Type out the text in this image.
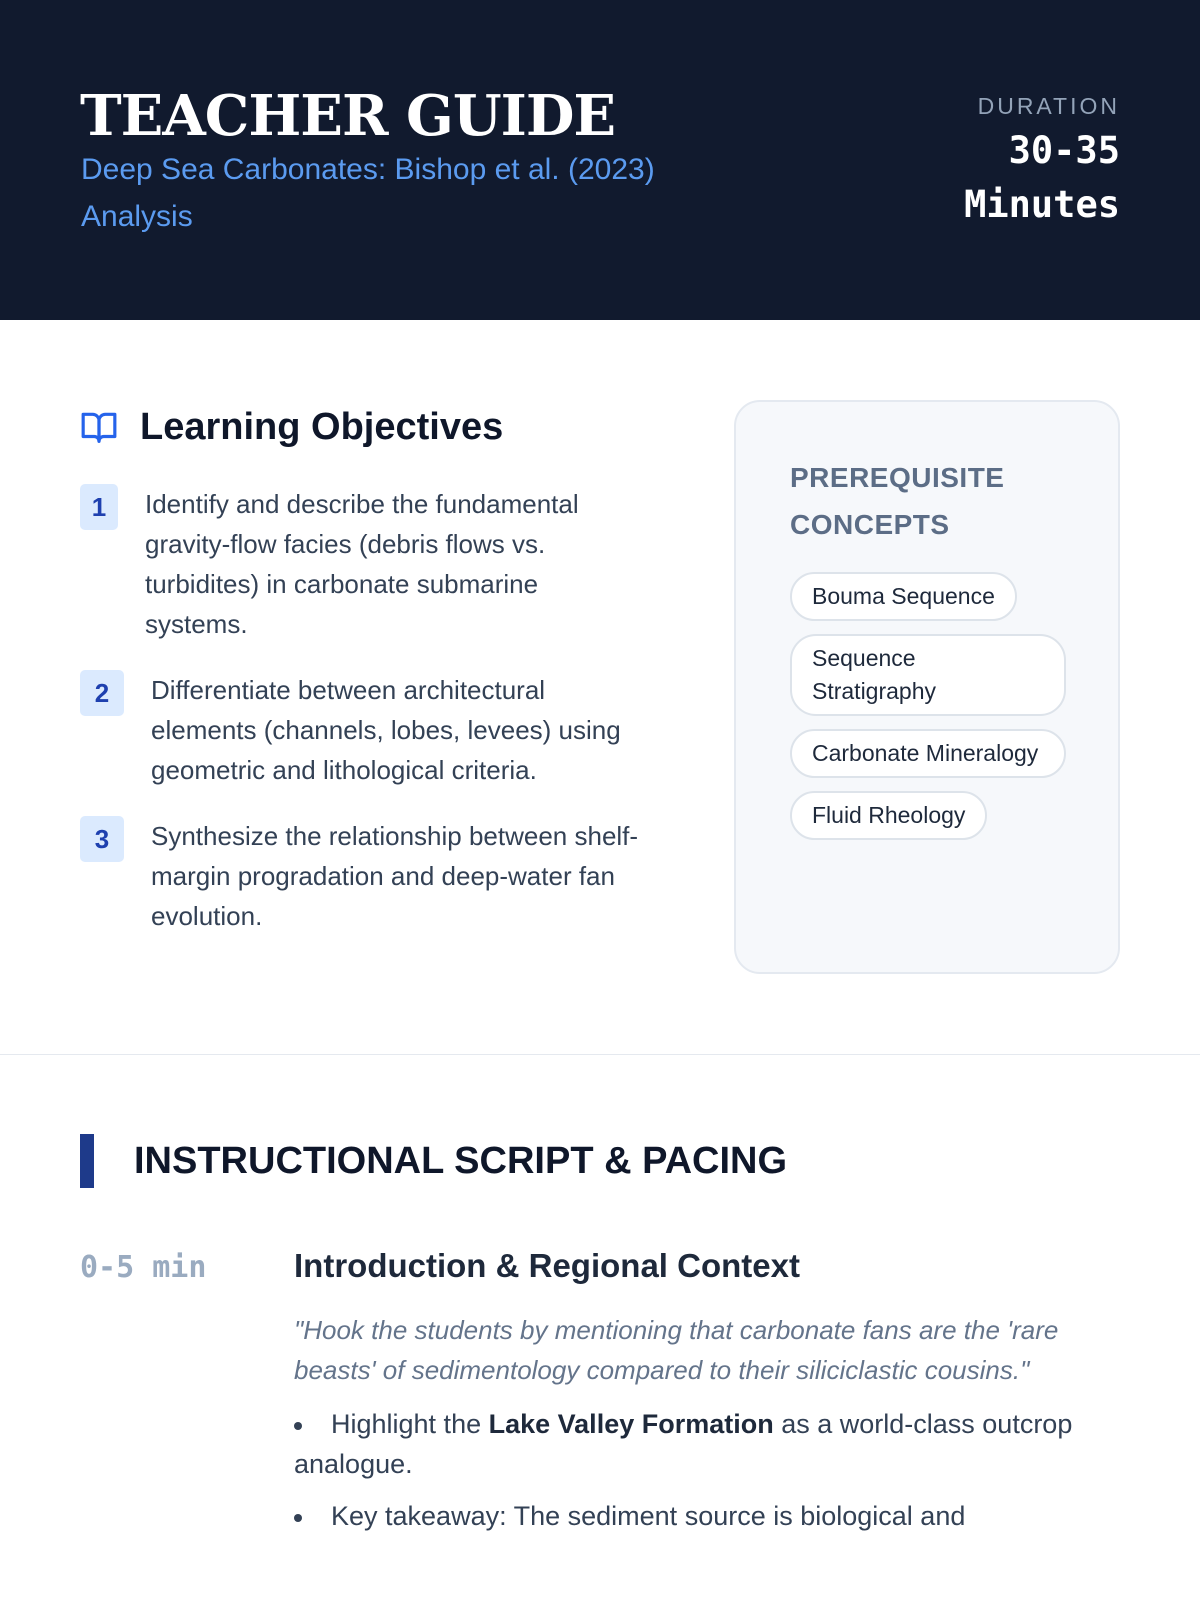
TEACHER GUIDE
Deep Sea Carbonates: Bishop et al. (2023) Analysis
DURATION
30-35 Minutes
Learning Objectives
1	Identify and describe the fundamental gravity-flow facies (debris flows vs. turbidites) in carbonate submarine systems.
2	Differentiate between architectural elements (channels, lobes, levees) using geometric and lithological criteria.
3	Synthesize the relationship between shelf-margin progradation and deep-water fan evolution.
PREREQUISITE CONCEPTS
Bouma Sequence
Sequence Stratigraphy
Carbonate Mineralogy
Fluid Rheology
INSTRUCTIONAL SCRIPT & PACING
0-5 min	Introduction & Regional Context

"Hook the students by mentioning that carbonate fans are the 'rare beasts' of sedimentology compared to their siliciclastic cousins."

Highlight the Lake Valley Formation as a world-class outcrop analogue.
Key takeaway: The sediment source is biological and
